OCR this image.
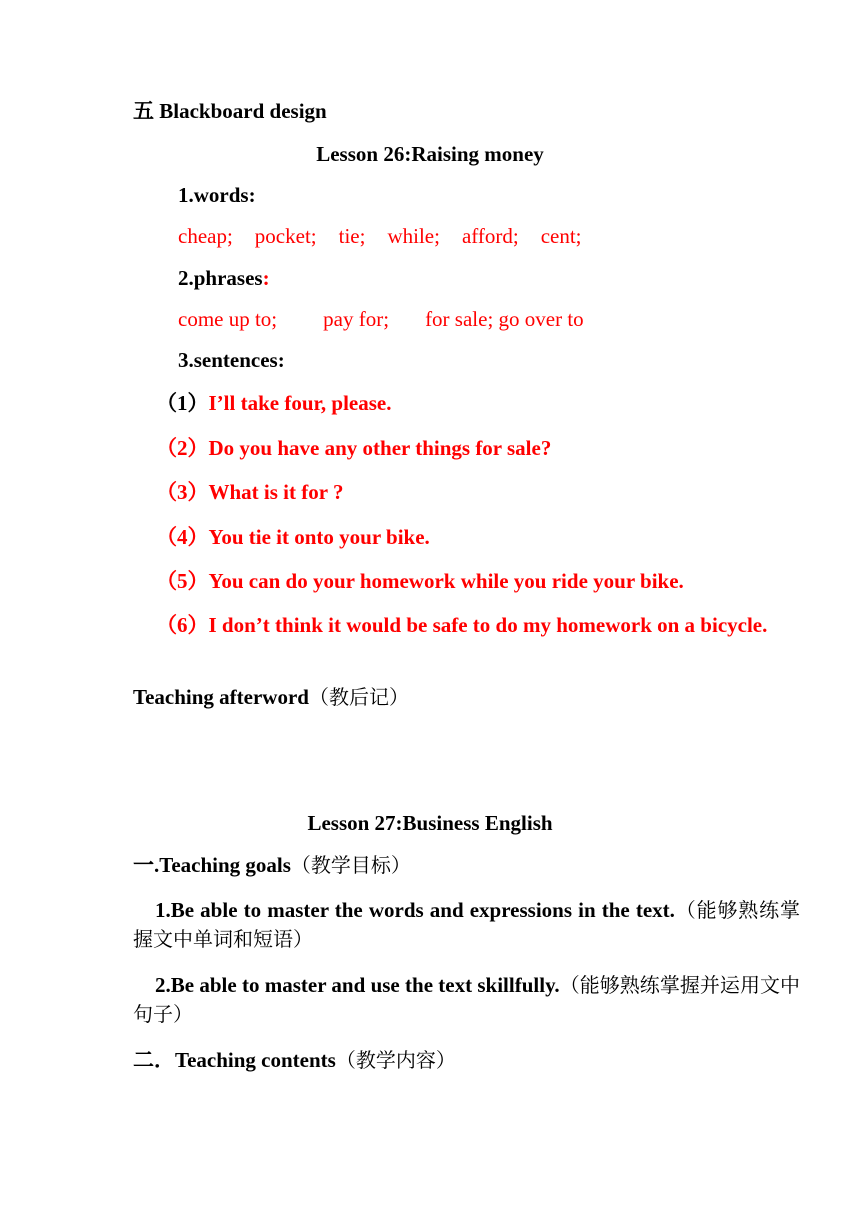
五 Blackboard design
Lesson 26:Raising money
1.words:
cheap; pocket; tie; while; afford; cent;
2.phrases:
come up to; pay for; for sale; go over to
3.sentences:
（1）I’ll take four, please.
（2）Do you have any other things for sale?
（3）What is it for ?
（4）You tie it onto your bike.
（5）You can do your homework while you ride your bike.
（6）I don’t think it would be safe to do my homework on a bicycle.
Teaching afterword（教后记）
Lesson 27:Business English
一.Teaching goals（教学目标）
1.Be able to master the words and expressions in the text.（能够熟练掌握文中单词和短语）
2.Be able to master and use the text skillfully.（能够熟练掌握并运用文中句子）
二．Teaching contents（教学内容）
